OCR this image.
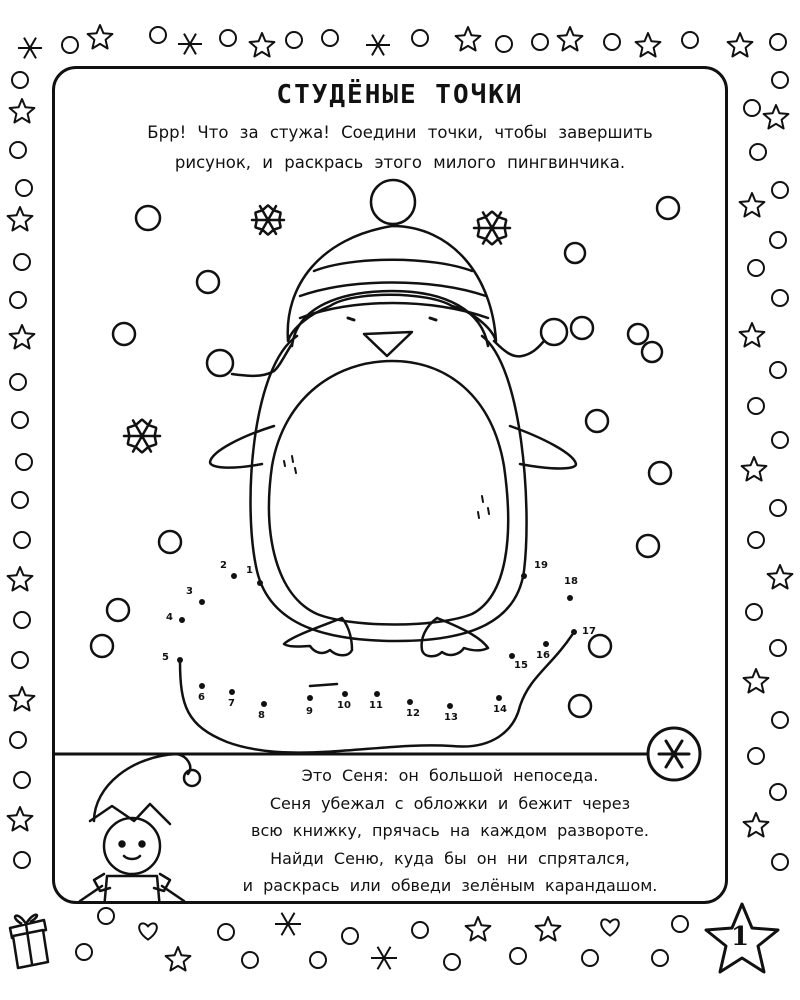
СТУДЁНЫЕ ТОЧКИ
Брр! Что за стужа! Соедини точки, чтобы завершить
рисунок, и раскрась этого милого пингвинчика.
1
2
3
4
5
6
7
8	9
10 11
12 13
14
15
16
17
18
19
Это Сеня: он большой непоседа.
Сеня убежал с обложки и бежит через
всю книжку, прячась на каждом развороте.
Найди Сеню, куда бы он ни спрятался,
и раскрась или обведи зелёным карандашом.
1
